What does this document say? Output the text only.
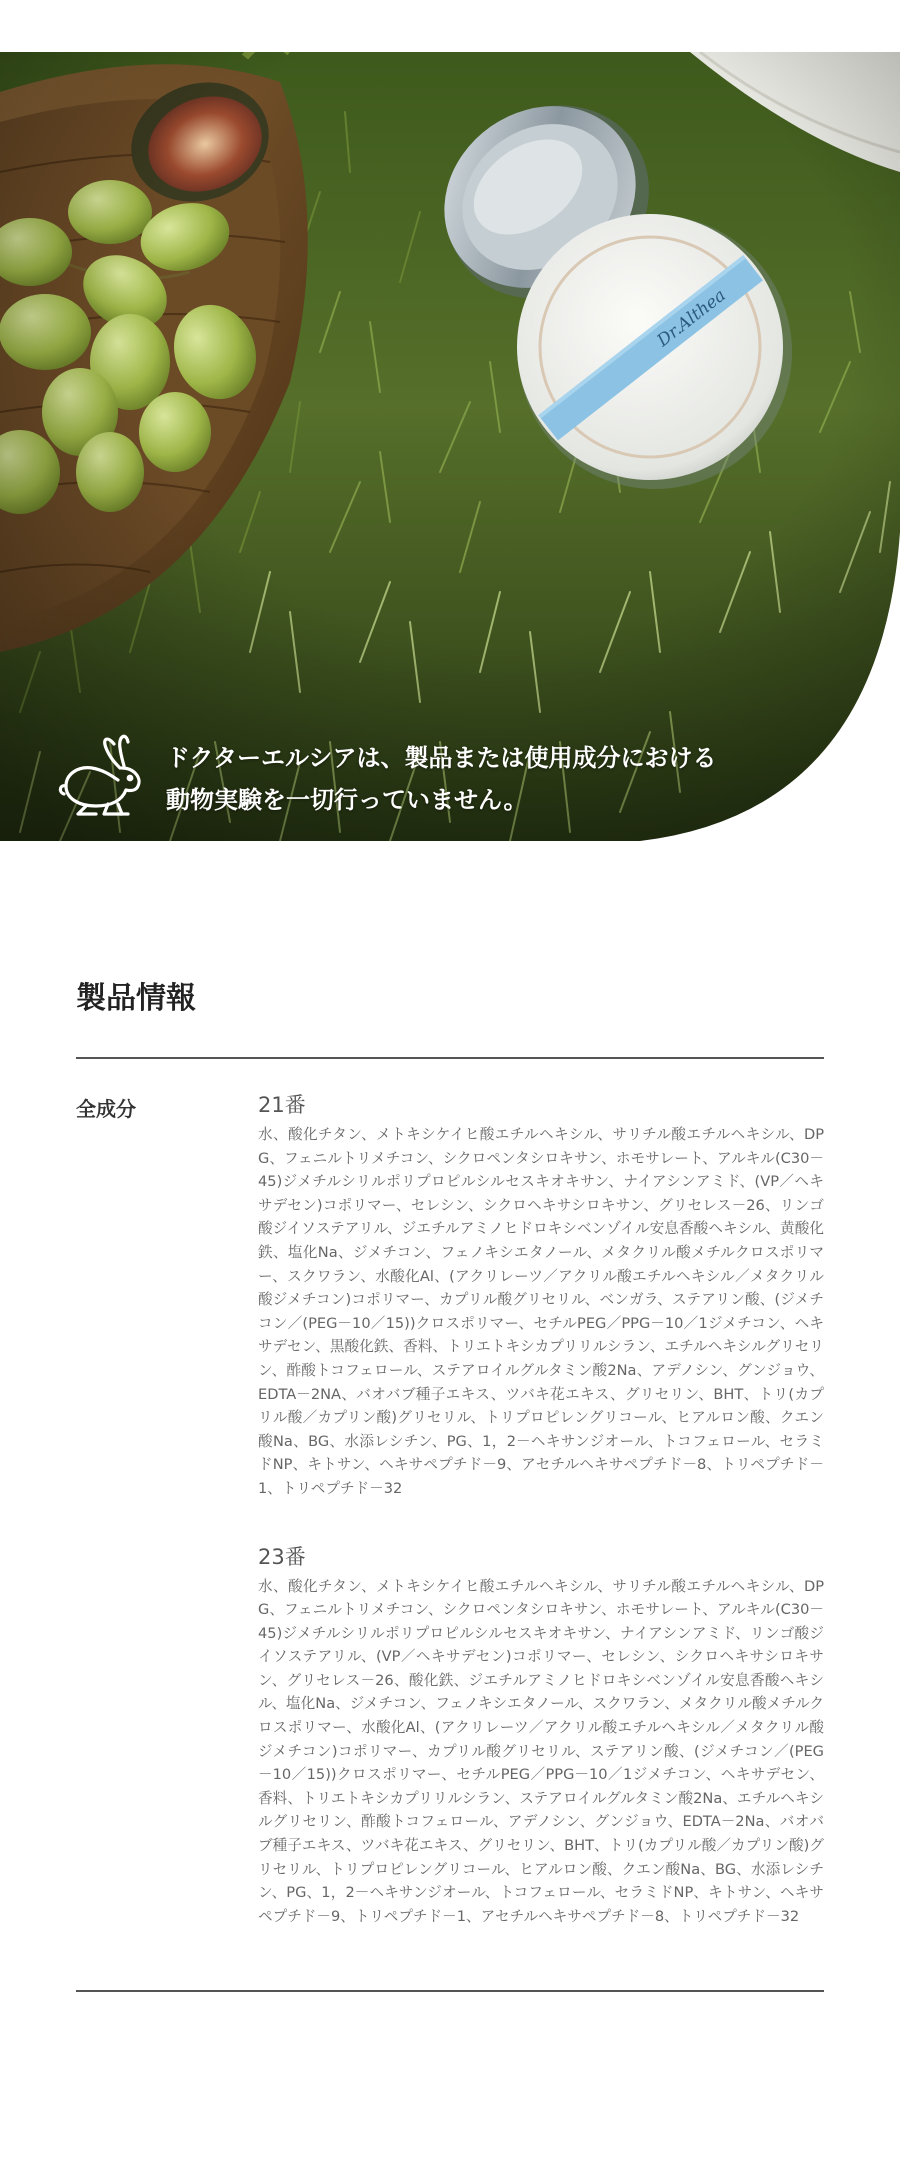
ドクターエルシアは、製品または使用成分における
動物実験を一切行っていません。
製品情報
全成分	21番
水、酸化チタン、メトキシケイヒ酸エチルヘキシル、サリチル酸エチルヘキシル、DPG、フェニルトリメチコン、シクロペンタシロキサン、ホモサレート、アルキル(C30－45)ジメチルシリルポリプロピルシルセスキオキサン、ナイアシンアミド、(VP／ヘキサデセン)コポリマー、セレシン、シクロヘキサシロキサン、グリセレス－26、リンゴ酸ジイソステアリル、ジエチルアミノヒドロキシベンゾイル安息香酸ヘキシル、黄酸化鉄、塩化Na、ジメチコン、フェノキシエタノール、メタクリル酸メチルクロスポリマー、スクワラン、水酸化Al、(アクリレーツ／アクリル酸エチルヘキシル／メタクリル酸ジメチコン)コポリマー、カプリル酸グリセリル、ベンガラ、ステアリン酸、(ジメチコン／(PEG－10／15))クロスポリマー、セチルPEG／PPG－10／1ジメチコン、ヘキサデセン、黒酸化鉄、香料、トリエトキシカプリリルシラン、エチルヘキシルグリセリン、酢酸トコフェロール、ステアロイルグルタミン酸2Na、アデノシン、グンジョウ、EDTA－2NA、バオバブ種子エキス、ツバキ花エキス、グリセリン、BHT、トリ(カプリル酸／カプリン酸)グリセリル、トリプロピレングリコール、ヒアルロン酸、クエン酸Na、BG、水添レシチン、PG、1，2－ヘキサンジオール、トコフェロール、セラミドNP、キトサン、ヘキサペプチド－9、アセチルヘキサペプチド－8、トリペプチド－1、トリペプチド－32
23番
水、酸化チタン、メトキシケイヒ酸エチルヘキシル、サリチル酸エチルヘキシル、DPG、フェニルトリメチコン、シクロペンタシロキサン、ホモサレート、アルキル(C30－45)ジメチルシリルポリプロピルシルセスキオキサン、ナイアシンアミド、リンゴ酸ジイソステアリル、(VP／ヘキサデセン)コポリマー、セレシン、シクロヘキサシロキサン、グリセレス－26、酸化鉄、ジエチルアミノヒドロキシベンゾイル安息香酸ヘキシル、塩化Na、ジメチコン、フェノキシエタノール、スクワラン、メタクリル酸メチルクロスポリマー、水酸化Al、(アクリレーツ／アクリル酸エチルヘキシル／メタクリル酸ジメチコン)コポリマー、カプリル酸グリセリル、ステアリン酸、(ジメチコン／(PEG－10／15))クロスポリマー、セチルPEG／PPG－10／1ジメチコン、ヘキサデセン、香料、トリエトキシカプリリルシラン、ステアロイルグルタミン酸2Na、エチルヘキシルグリセリン、酢酸トコフェロール、アデノシン、グンジョウ、EDTA－2Na、バオバブ種子エキス、ツバキ花エキス、グリセリン、BHT、トリ(カプリル酸／カプリン酸)グリセリル、トリプロピレングリコール、ヒアルロン酸、クエン酸Na、BG、水添レシチン、PG、1，2－ヘキサンジオール、トコフェロール、セラミドNP、キトサン、ヘキサペプチド－9、トリペプチド－1、アセチルヘキサペプチド－8、トリペプチド－32
